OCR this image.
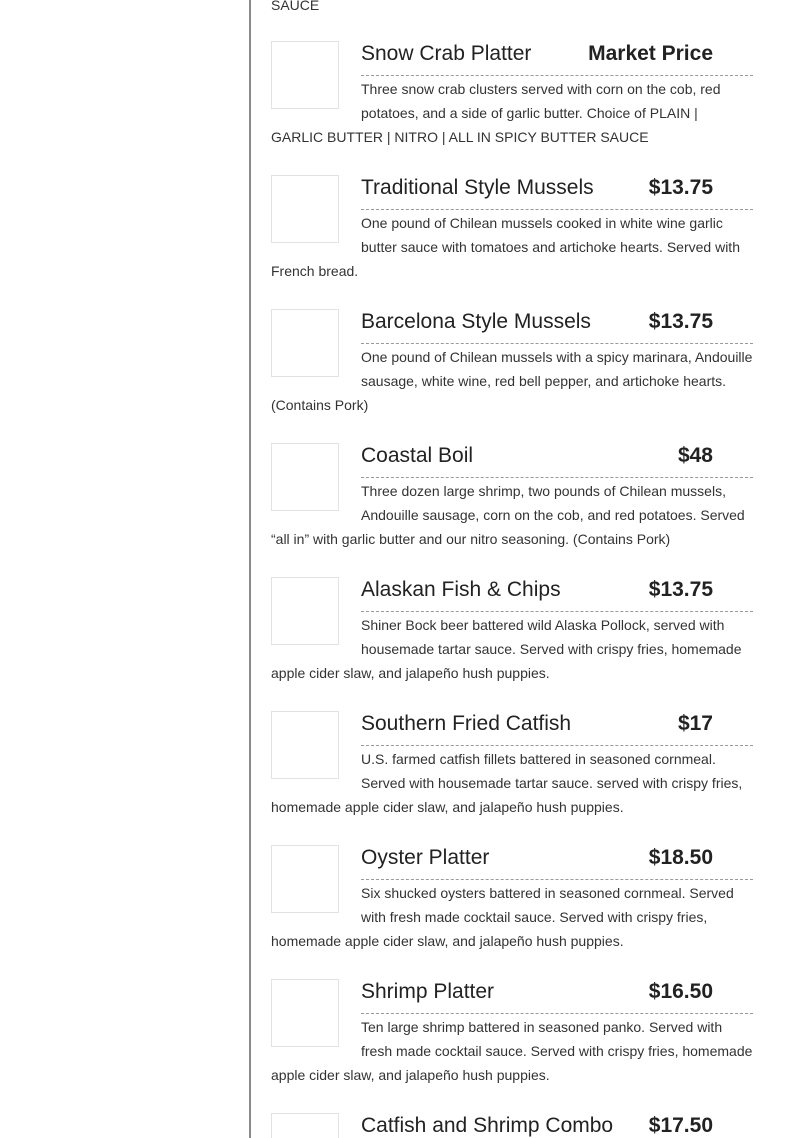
SAUCE
Snow Crab Platter	Market Price
Three snow crab clusters served with corn on the cob, red potatoes, and a side of garlic butter. Choice of PLAIN | GARLIC BUTTER | NITRO | ALL IN SPICY BUTTER SAUCE
Traditional Style Mussels	$13.75
One pound of Chilean mussels cooked in white wine garlic butter sauce with tomatoes and artichoke hearts. Served with French bread.
Barcelona Style Mussels	$13.75
One pound of Chilean mussels with a spicy marinara, Andouille sausage, white wine, red bell pepper, and artichoke hearts. (Contains Pork)
Coastal Boil	$48
Three dozen large shrimp, two pounds of Chilean mussels, Andouille sausage, corn on the cob, and red potatoes. Served “all in” with garlic butter and our nitro seasoning. (Contains Pork)
Alaskan Fish & Chips	$13.75
Shiner Bock beer battered wild Alaska Pollock, served with housemade tartar sauce. Served with crispy fries, homemade apple cider slaw, and jalapeño hush puppies.
Southern Fried Catfish	$17
U.S. farmed catfish fillets battered in seasoned cornmeal. Served with housemade tartar sauce. served with crispy fries, homemade apple cider slaw, and jalapeño hush puppies.
Oyster Platter	$18.50
Six shucked oysters battered in seasoned cornmeal. Served with fresh made cocktail sauce. Served with crispy fries, homemade apple cider slaw, and jalapeño hush puppies.
Shrimp Platter	$16.50
Ten large shrimp battered in seasoned panko. Served with fresh made cocktail sauce. Served with crispy fries, homemade apple cider slaw, and jalapeño hush puppies.
Catfish and Shrimp Combo $17.50
